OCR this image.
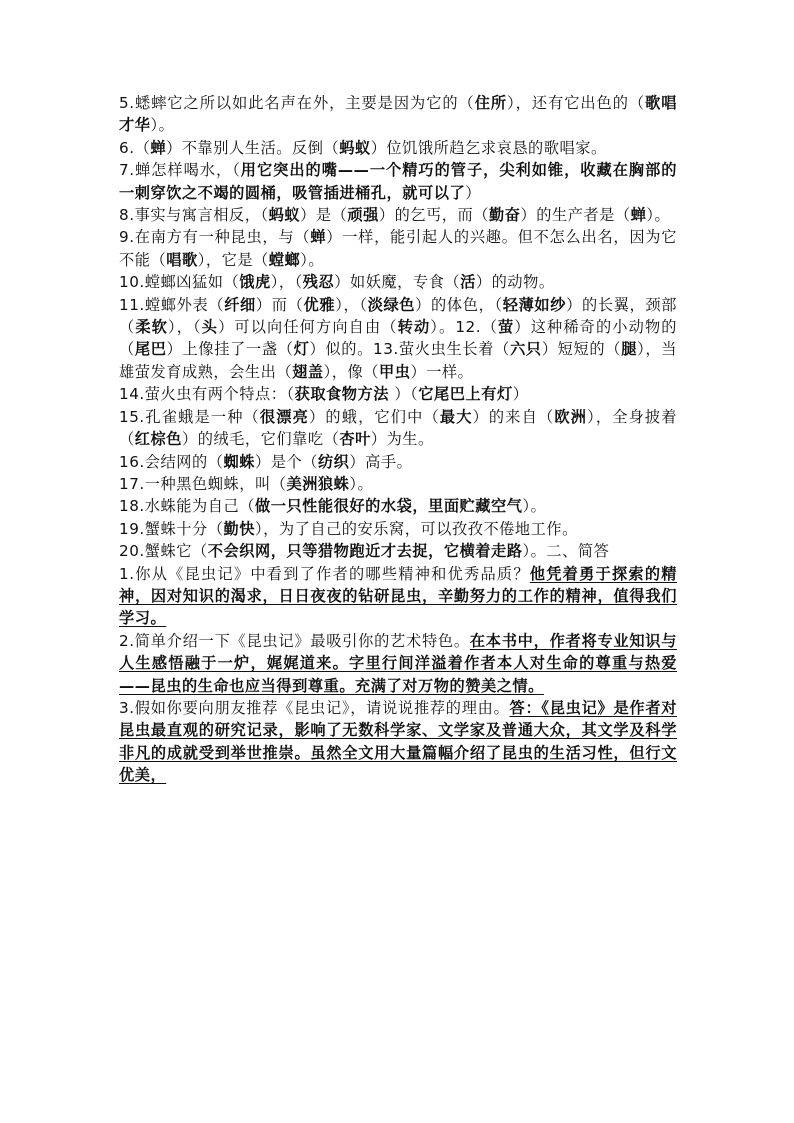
5.蟋蟀它之所以如此名声在外，主要是因为它的（住所），还有它出色的（歌唱才华）。

6.（蝉）不靠别人生活。反倒（蚂蚁）位饥饿所趋乞求哀恳的歌唱家。

7.蝉怎样喝水，（用它突出的嘴——一个精巧的管子，尖利如锥，收藏在胸部的一刺穿饮之不竭的圆桶，吸管插进桶孔，就可以了）

8.事实与寓言相反，（蚂蚁）是（顽强）的乞丐，而（勤奋）的生产者是（蝉）。

9.在南方有一种昆虫，与（蝉）一样，能引起人的兴趣。但不怎么出名，因为它不能（唱歌），它是（螳螂）。

10.螳螂凶猛如（饿虎），（残忍）如妖魔，专食（活）的动物。

11.螳螂外表（纤细）而（优雅），（淡绿色）的体色，（轻薄如纱）的长翼，颈部（柔软），（头）可以向任何方向自由（转动）。12.（萤）这种稀奇的小动物的（尾巴）上像挂了一盏（灯）似的。13.萤火虫生长着（六只）短短的（腿），当雄萤发育成熟，会生出（翅盖），像（甲虫）一样。

14.萤火虫有两个特点：（获取食物方法 ）（它尾巴上有灯）

15.孔雀蛾是一种（很漂亮）的蛾，它们中（最大）的来自（欧洲），全身披着（红棕色）的绒毛，它们靠吃（杏叶）为生。

16.会结网的（蜘蛛）是个（纺织）高手。

17.一种黑色蜘蛛，叫（美洲狼蛛）。

18.水蛛能为自己（做一只性能很好的水袋，里面贮藏空气）。

19.蟹蛛十分（勤快），为了自己的安乐窝，可以孜孜不倦地工作。

20.蟹蛛它（不会织网，只等猎物跑近才去捉，它横着走路）。二、简答

1.你从《昆虫记》中看到了作者的哪些精神和优秀品质？他凭着勇于探索的精神，因对知识的渴求，日日夜夜的钻研昆虫，辛勤努力的工作的精神，值得我们学习。

2.简单介绍一下《昆虫记》最吸引你的艺术特色。在本书中，作者将专业知识与人生感悟融于一炉，娓娓道来。字里行间洋溢着作者本人对生命的尊重与热爱——昆虫的生命也应当得到尊重。充满了对万物的赞美之情。

3.假如你要向朋友推荐《昆虫记》，请说说推荐的理由。答：《昆虫记》是作者对昆虫最直观的研究记录，影响了无数科学家、文学家及普通大众，其文学及科学非凡的成就受到举世推崇。虽然全文用大量篇幅介绍了昆虫的生活习性，但行文优美，
